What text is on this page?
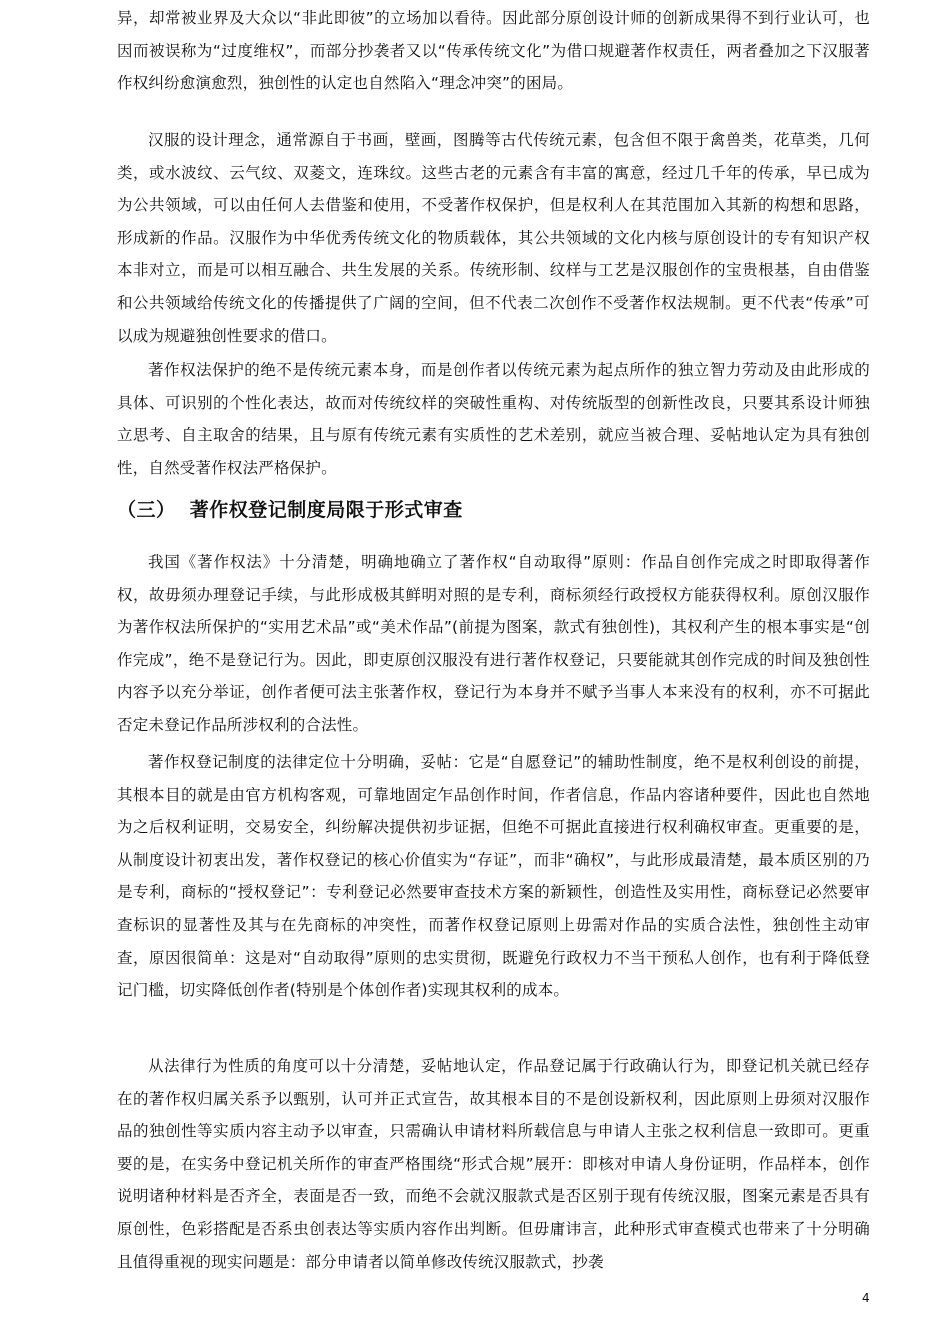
异，却常被业界及大众以“非此即彼”的立场加以看待。因此部分原创设计师的创新成果得不到行业认可，也因而被误称为“过度维权”，而部分抄袭者又以“传承传统文化”为借口规避著作权责任，两者叠加之下汉服著作权纠纷愈演愈烈，独创性的认定也自然陷入“理念冲突”的困局。

汉服的设计理念，通常源自于书画，壁画，图腾等古代传统元素，包含但不限于禽兽类，花草类，几何类，或水波纹、云气纹、双菱文，连珠纹。这些古老的元素含有丰富的寓意，经过几千年的传承，早已成为为公共领域，可以由任何人去借鉴和使用，不受著作权保护，但是权利人在其范围加入其新的构想和思路，形成新的作品。汉服作为中华优秀传统文化的物质载体，其公共领域的文化内核与原创设计的专有知识产权本非对立，而是可以相互融合、共生发展的关系。传统形制、纹样与工艺是汉服创作的宝贵根基，自由借鉴和公共领域给传统文化的传播提供了广阔的空间，但不代表二次创作不受著作权法规制。更不代表“传承”可以成为规避独创性要求的借口。

著作权法保护的绝不是传统元素本身，而是创作者以传统元素为起点所作的独立智力劳动及由此形成的具体、可识别的个性化表达，故而对传统纹样的突破性重构、对传统版型的创新性改良，只要其系设计师独立思考、自主取舍的结果，且与原有传统元素有实质性的艺术差别，就应当被合理、妥帖地认定为具有独创性，自然受著作权法严格保护。

（三）  著作权登记制度局限于形式审查

我国《著作权法》十分清楚，明确地确立了著作权“自动取得”原则：作品自创作完成之时即取得著作权，故毋须办理登记手续，与此形成极其鲜明对照的是专利，商标须经行政授权方能获得权利。原创汉服作为著作权法所保护的“实用艺术品”或“美术作品”(前提为图案，款式有独创性)，其权利产生的根本事实是“创作完成”，绝不是登记行为。因此，即吏原创汉服没有进行著作权登记，只要能就其创作完成的时间及独创性内容予以充分举证，创作者便可法主张著作权，登记行为本身并不赋予当事人本来没有的权利，亦不可据此否定未登记作品所涉权利的合法性。

著作权登记制度的法律定位十分明确，妥帖：它是“自愿登记”的辅助性制度，绝不是权利创设的前提，其根本目的就是由官方机构客观，可靠地固定乍品创作时间，作者信息，作品内容诸种要件，因此也自然地为之后权利证明，交易安全，纠纷解决提供初步证据，但绝不可据此直接进行权利确权审查。更重要的是，从制度设计初衷出发，著作权登记的核心价值实为“存证”，而非“确权”，与此形成最清楚，最本质区别的乃是专利，商标的“授权登记”：专利登记必然要审查技术方案的新颖性，创造性及实用性，商标登记必然要审查标识的显著性及其与在先商标的冲突性，而著作权登记原则上毋需对作品的实质合法性，独创性主动审查，原因很简单：这是对“自动取得”原则的忠实贯彻，既避免行政权力不当干预私人创作，也有利于降低登记门槛，切实降低创作者(特别是个体创作者)实现其权利的成本。

从法律行为性质的角度可以十分清楚，妥帖地认定，作品登记属于行政确认行为，即登记机关就已经存在的著作权归属关系予以甄别，认可并正式宣告，故其根本目的不是创设新权利，因此原则上毋须对汉服作品的独创性等实质内容主动予以审查，只需确认申请材料所载信息与申请人主张之权利信息一致即可。更重要的是，在实务中登记机关所作的审查严格围绕“形式合规”展开：即核对申请人身份证明，作品样本，创作说明诸种材料是否齐全，表面是否一致，而绝不会就汉服款式是否区别于现有传统汉服，图案元素是否具有原创性，色彩搭配是否系虫创表达等实质内容作出判断。但毋庸讳言，此种形式审查模式也带来了十分明确且值得重视的现实问题是：部分申请者以简单修改传统汉服款式，抄袭

4
